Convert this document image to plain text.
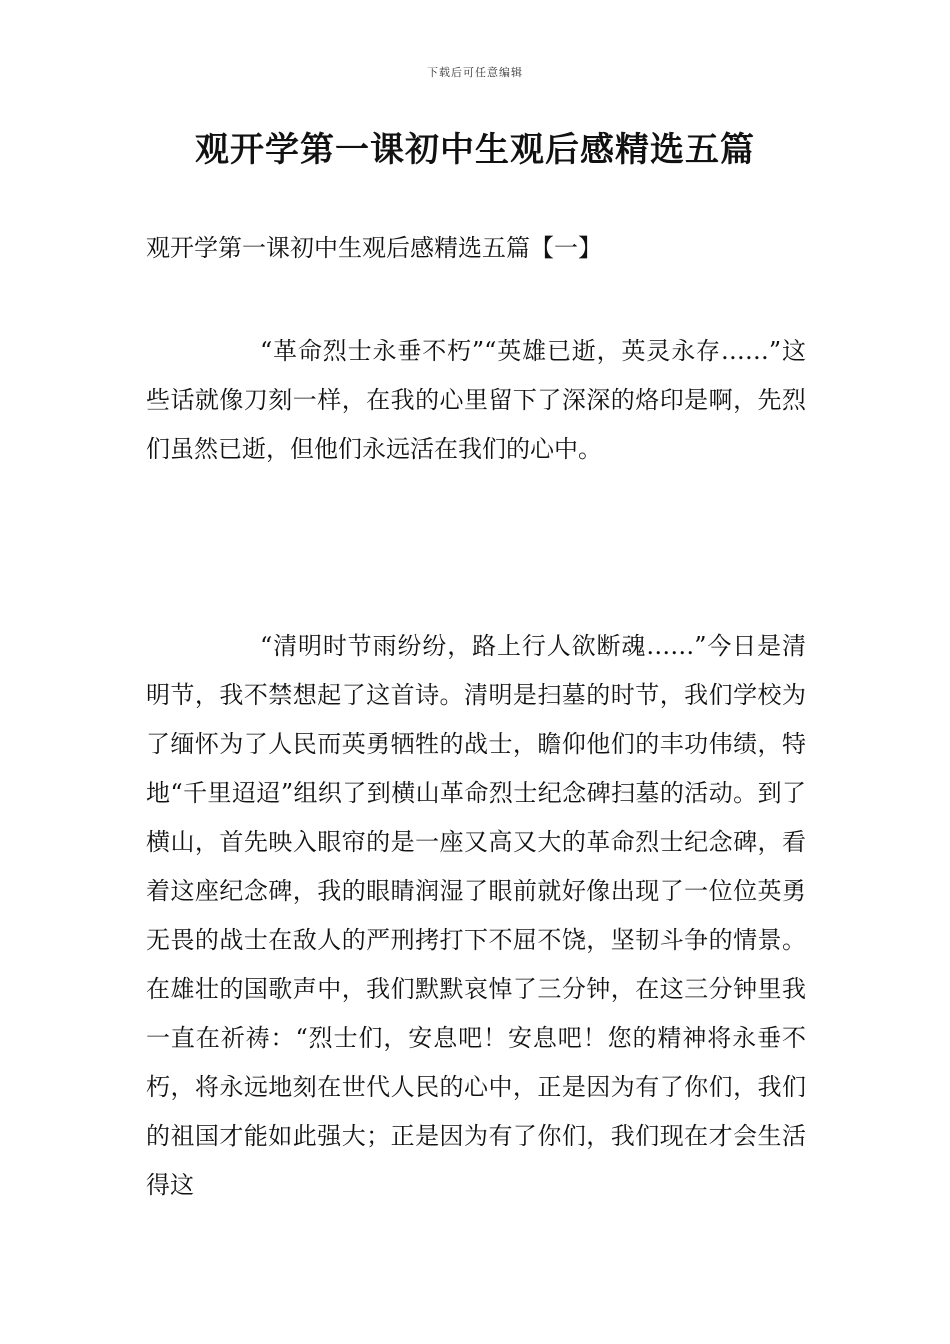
下载后可任意编辑
观开学第一课初中生观后感精选五篇
观开学第一课初中生观后感精选五篇【一】

“革命烈士永垂不朽”“英雄已逝，英灵永存……”这些话就像刀刻一样，在我的心里留下了深深的烙印是啊，先烈们虽然已逝，但他们永远活在我们的心中。

“清明时节雨纷纷，路上行人欲断魂……”今日是清明节，我不禁想起了这首诗。清明是扫墓的时节，我们学校为了缅怀为了人民而英勇牺牲的战士，瞻仰他们的丰功伟绩，特地“千里迢迢”组织了到横山革命烈士纪念碑扫墓的活动。到了横山，首先映入眼帘的是一座又高又大的革命烈士纪念碑，看着这座纪念碑，我的眼睛润湿了眼前就好像出现了一位位英勇无畏的战士在敌人的严刑拷打下不屈不饶，坚韧斗争的情景。在雄壮的国歌声中，我们默默哀悼了三分钟，在这三分钟里我一直在祈祷：“烈士们，安息吧！安息吧！您的精神将永垂不朽，将永远地刻在世代人民的心中，正是因为有了你们，我们的祖国才能如此强大；正是因为有了你们，我们现在才会生活得这
